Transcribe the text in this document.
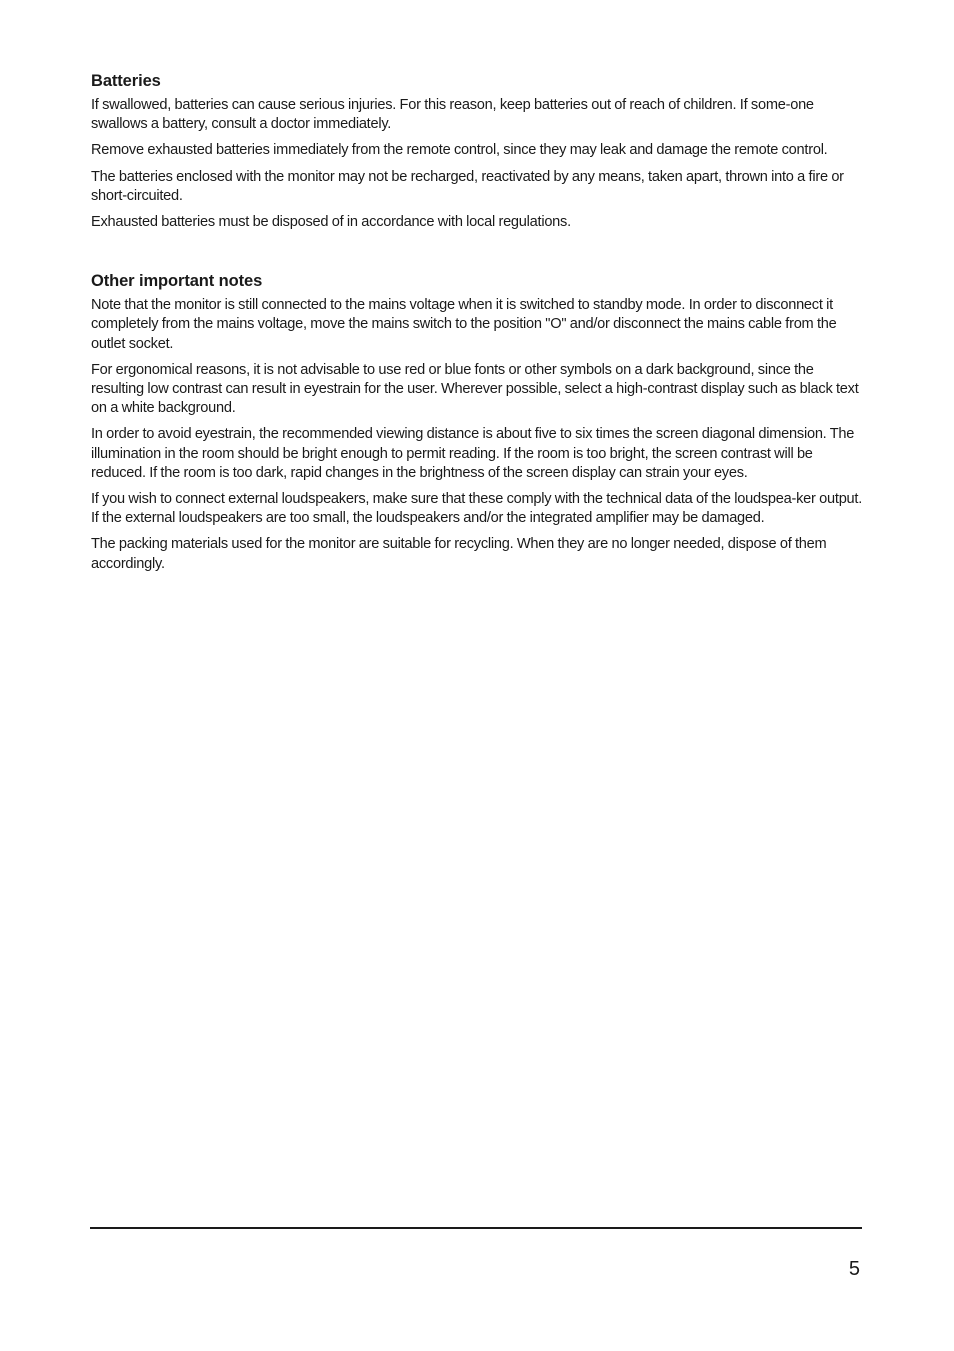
Batteries

If swallowed, batteries can cause serious injuries. For this reason, keep batteries out of reach of children. If some-one swallows a battery, consult a doctor immediately.

Remove exhausted batteries immediately from the remote control, since they may leak and damage the remote control.

The batteries enclosed with the monitor may not be recharged, reactivated by any means, taken apart, thrown into a fire or short-circuited.

Exhausted batteries must be disposed of in accordance with local regulations.

Other important notes

Note that the monitor is still connected to the mains voltage when it is switched to standby mode. In order to disconnect it completely from the mains voltage, move the mains switch to the position "O" and/or disconnect the mains cable from the outlet socket.

For ergonomical reasons, it is not advisable to use red or blue fonts or other symbols on a dark background, since the resulting low contrast can result in eyestrain for the user. Wherever possible, select a high-contrast display such as black text on a white background.

In order to avoid eyestrain, the recommended viewing distance is about five to six times the screen diagonal dimension. The illumination in the room should be bright enough to permit reading. If the room is too bright, the screen contrast will be reduced. If the room is too dark, rapid changes in the brightness of the screen display can strain your eyes.

If you wish to connect external loudspeakers, make sure that these comply with the technical data of the loudspea-ker output. If the external loudspeakers are too small, the loudspeakers and/or the integrated amplifier may be damaged.

The packing materials used for the monitor are suitable for recycling. When they are no longer needed, dispose of them accordingly.

5
